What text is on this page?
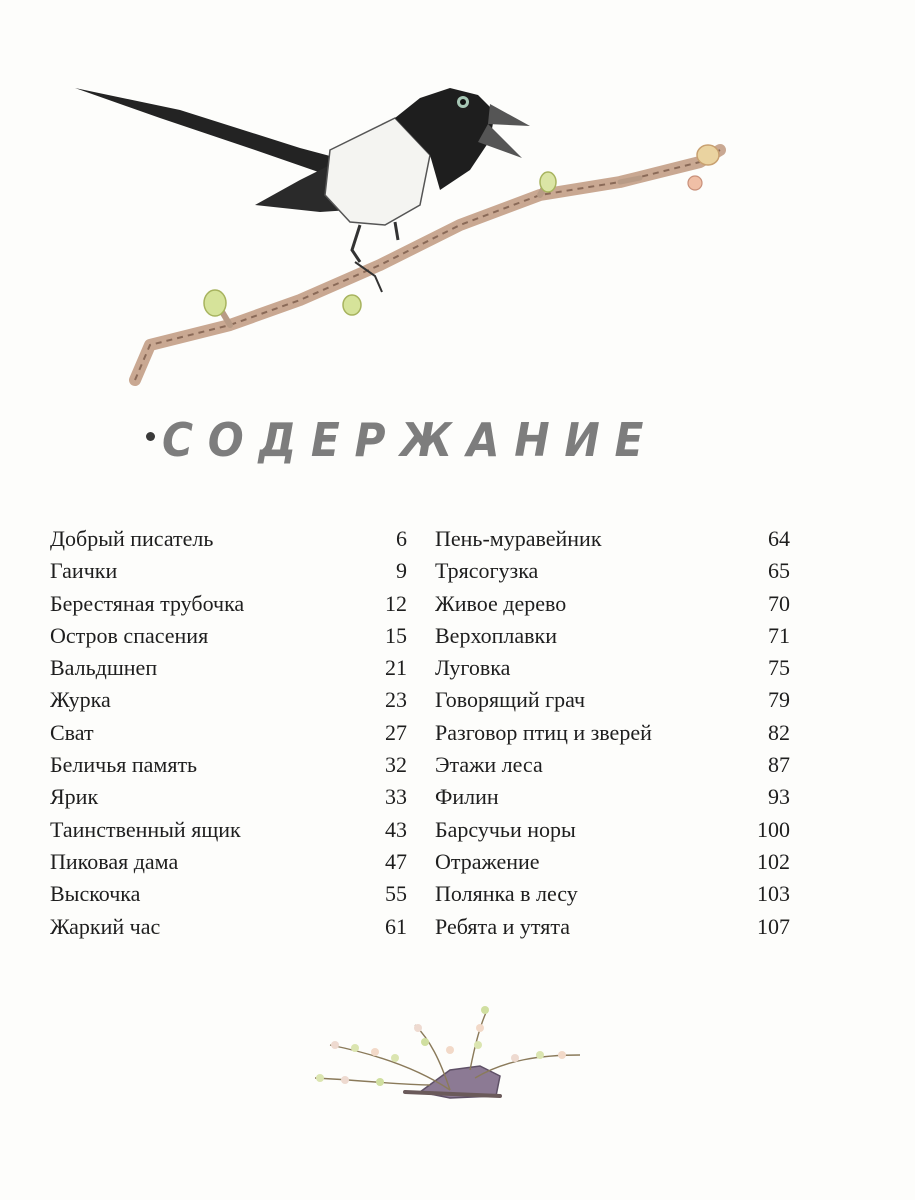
СОДЕРЖАНИЕ
Добрый писатель	6
Гаички	9
Берестяная трубочка	12
Остров спасения	15
Вальдшнеп	21
Журка	23
Сват	27
Беличья память	32
Ярик	33
Таинственный ящик	43
Пиковая дама	47
Выскочка	55
Жаркий час	61
Пень-муравейник	64
Трясогузка	65
Живое дерево	70
Верхоплавки	71
Луговка	75
Говорящий грач	79
Разговор птиц и зверей	82
Этажи леса	87
Филин	93
Барсучьи норы	100
Отражение	102
Полянка в лесу	103
Ребята и утята	107
